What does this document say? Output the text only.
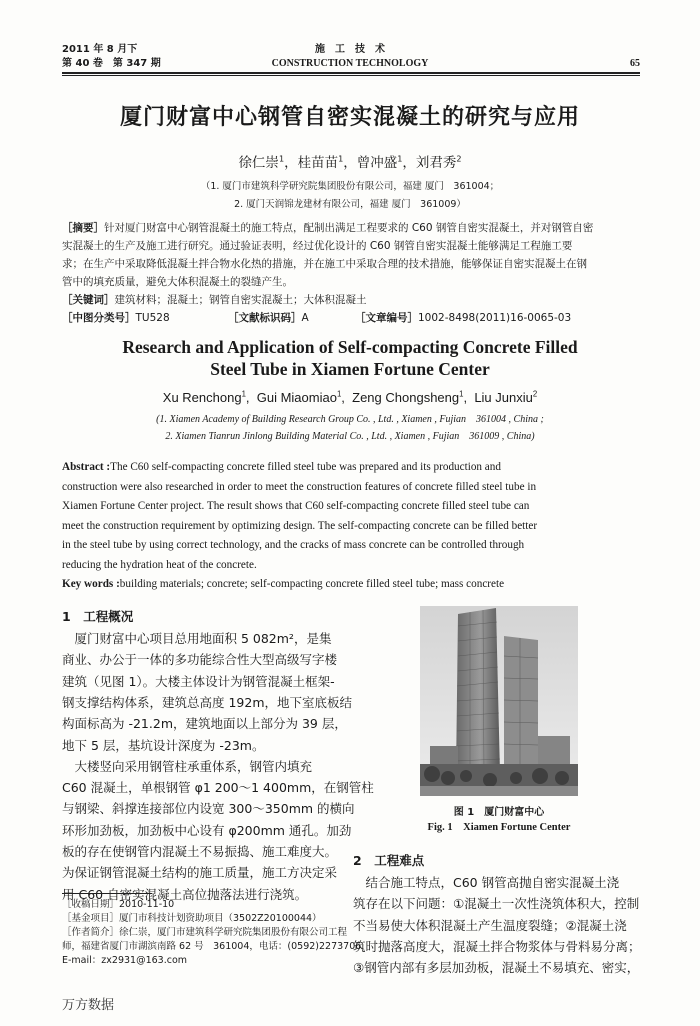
2011 年 8 月下
第 40 卷　第 347 期
施　工　技　术
CONSTRUCTION TECHNOLOGY	65
厦门财富中心钢管自密实混凝土的研究与应用
徐仁崇$^1$，桂苗苗$^1$，曾冲盛$^1$，刘君秀$^2$
（1. 厦门市建筑科学研究院集团股份有限公司，福建 厦门　361004；
2. 厦门天润锦龙建材有限公司，福建 厦门　361009）
［摘要］针对厦门财富中心钢管混凝土的施工特点，配制出满足工程要求的 C60 钢管自密实混凝土，并对钢管自密
实混凝土的生产及施工进行研究。通过验证表明，经过优化设计的 C60 钢管自密实混凝土能够满足工程施工要
求；在生产中采取降低混凝土拌合物水化热的措施，并在施工中采取合理的技术措施，能够保证自密实混凝土在钢
管中的填充质量，避免大体积混凝土的裂缝产生。
［关键词］建筑材料；混凝土；钢管自密实混凝土；大体积混凝土
［中图分类号］TU528	［文献标识码］A	［文章编号］1002-8498(2011)16-0065-03
Research and Application of Self-compacting Concrete Filled
Steel Tube in Xiamen Fortune Center
Xu Renchong$^1$,  Gui Miaomiao$^1$,  Zeng Chongsheng$^1$,  Liu Junxiu$^2$
(1. Xiamen Academy of Building Research Group Co. , Ltd. , Xiamen , Fujian　361004 , China ;
2. Xiamen Tianrun Jinlong Building Material Co. , Ltd. , Xiamen , Fujian　361009 , China)
Abstract :The C60 self-compacting concrete filled steel tube was prepared and its production and
construction were also researched in order to meet the construction features of concrete filled steel tube in
Xiamen Fortune Center project. The result shows that C60 self-compacting concrete filled steel tube can
meet the construction requirement by optimizing design. The self-compacting concrete can be filled better
in the steel tube by using correct technology, and the cracks of mass concrete can be controlled through
reducing the hydration heat of the concrete.
Key words :building materials; concrete; self-compacting concrete filled steel tube; mass concrete
1　工程概况
　厦门财富中心项目总用地面积 5 082m²，是集
商业、办公于一体的多功能综合性大型高级写字楼
建筑（见图 1）。大楼主体设计为钢管混凝土框架-
钢支撑结构体系，建筑总高度 192m，地下室底板结
构面标高为 -21.2m，建筑地面以上部分为 39 层，
地下 5 层，基坑设计深度为 -23m。
　大楼竖向采用钢管柱承重体系，钢管内填充
C60 混凝土，单根钢管 φ1 200～1 400mm，在钢管柱
与钢梁、斜撑连接部位内设宽 300～350mm 的横向
环形加劲板，加劲板中心设有 φ200mm 通孔。加劲
板的存在使钢管内混凝土不易振捣、施工难度大。
为保证钢管混凝土结构的施工质量，施工方决定采
用 C60 自密实混凝土高位抛落法进行浇筑。
［收稿日期］2010-11-10
［基金项目］厦门市科技计划资助项目（3502Z20100044）
［作者简介］徐仁崇，厦门市建筑科学研究院集团股份有限公司工程
师，福建省厦门市湖滨南路 62 号　361004，电话：(0592)2273706，
E-mail：zx2931@163.com
图 1　厦门财富中心
Fig. 1　Xiamen Fortune Center
2　工程难点
　结合施工特点，C60 钢管高抛自密实混凝土浇
筑存在以下问题：①混凝土一次性浇筑体积大，控制
不当易使大体积混凝土产生温度裂缝；②混凝土浇
筑时抛落高度大，混凝土拌合物浆体与骨料易分离；
③钢管内部有多层加劲板，混凝土不易填充、密实，
万方数据
